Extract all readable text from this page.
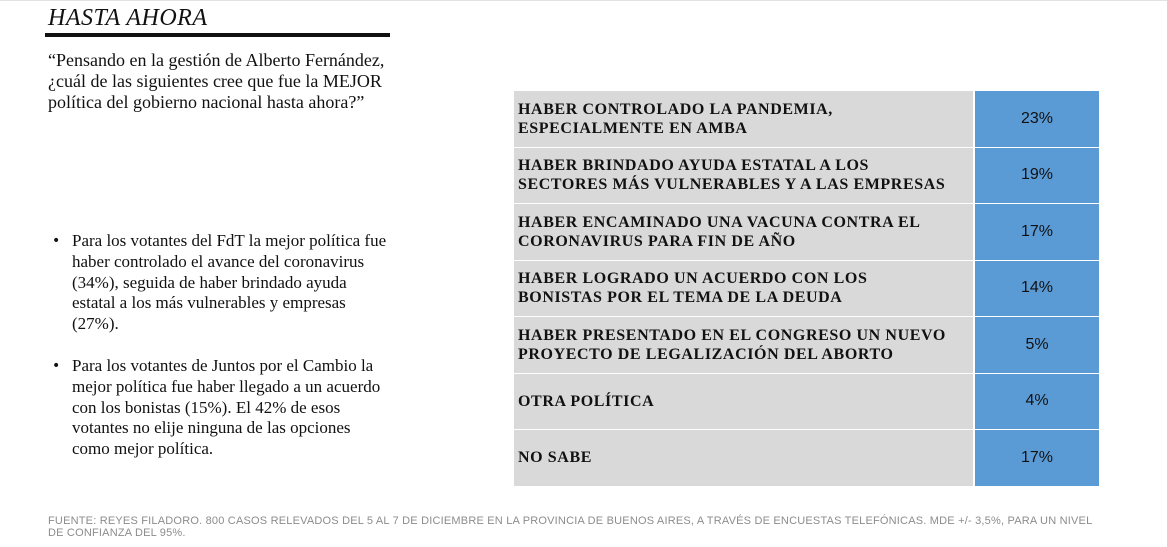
HASTA AHORA
“Pensando en la gestión de Alberto Fernández, ¿cuál de las siguientes cree que fue la MEJOR política del gobierno nacional hasta ahora?”
• Para los votantes del FdT la mejor política fue haber controlado el avance del coronavirus (34%), seguida de haber brindado ayuda estatal a los más vulnerables y empresas (27%).
• Para los votantes de Juntos por el Cambio la mejor política fue haber llegado a un acuerdo con los bonistas (15%). El 42% de esos votantes no elije ninguna de las opciones como mejor política.
HABER CONTROLADO LA PANDEMIA,
ESPECIALMENTE EN AMBA
23%
HABER BRINDADO AYUDA ESTATAL A LOS
SECTORES MÁS VULNERABLES Y A LAS EMPRESAS
19%
HABER ENCAMINADO UNA VACUNA CONTRA EL
CORONAVIRUS PARA FIN DE AÑO
17%
HABER LOGRADO UN ACUERDO CON LOS
BONISTAS POR EL TEMA DE LA DEUDA
14%
HABER PRESENTADO EN EL CONGRESO UN NUEVO
PROYECTO DE LEGALIZACIÓN DEL ABORTO
5%
OTRA POLÍTICA	4%
NO SABE	17%
FUENTE: REYES FILADORO. 800 CASOS RELEVADOS DEL 5 AL 7 DE DICIEMBRE EN LA PROVINCIA DE BUENOS AIRES, A TRAVÉS DE ENCUESTAS TELEFÓNICAS. MDE +/- 3,5%, PARA UN NIVEL DE CONFIANZA DEL 95%.
